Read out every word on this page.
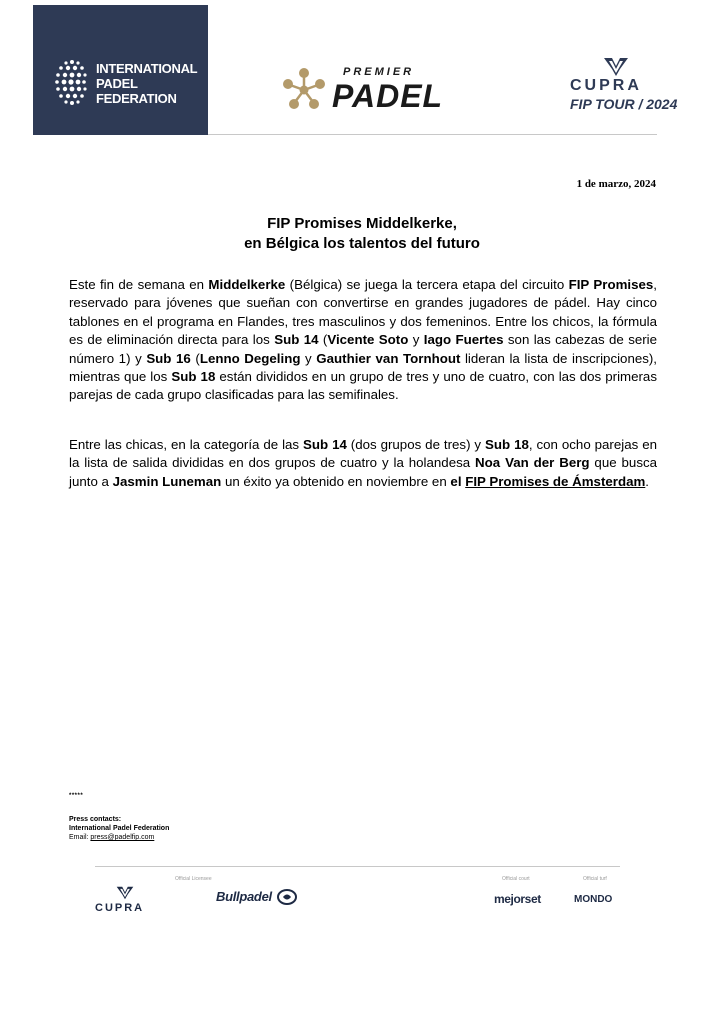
INTERNATIONAL
PADEL
FEDERATION
PREMIER
PADEL	CUPRA
FIP TOUR / 2024
1 de marzo, 2024
FIP Promises Middelkerke,
en Bélgica los talentos del futuro
Este fin de semana en Middelkerke (Bélgica) se juega la tercera etapa del circuito FIP Promises, reservado para jóvenes que sueñan con convertirse en grandes jugadores de pádel. Hay cinco tablones en el programa en Flandes, tres masculinos y dos femeninos. Entre los chicos, la fórmula es de eliminación directa para los Sub 14 (Vicente Soto y Iago Fuertes son las cabezas de serie número 1) y Sub 16 (Lenno Degeling y Gauthier van Tornhout lideran la lista de inscripciones), mientras que los Sub 18 están divididos en un grupo de tres y uno de cuatro, con las dos primeras parejas de cada grupo clasificadas para las semifinales.
Entre las chicas, en la categoría de las Sub 14 (dos grupos de tres) y Sub 18, con ocho parejas en la lista de salida divididas en dos grupos de cuatro y la holandesa Noa Van der Berg que busca junto a Jasmin Luneman un éxito ya obtenido en noviembre en el FIP Promises de Ámsterdam.
*****
Press contacts:
International Padel Federation
Email: press@padelfip.com
CUPRA
Official Licensee
Bullpadel
Official court
mejorset
Official turf
MONDO
